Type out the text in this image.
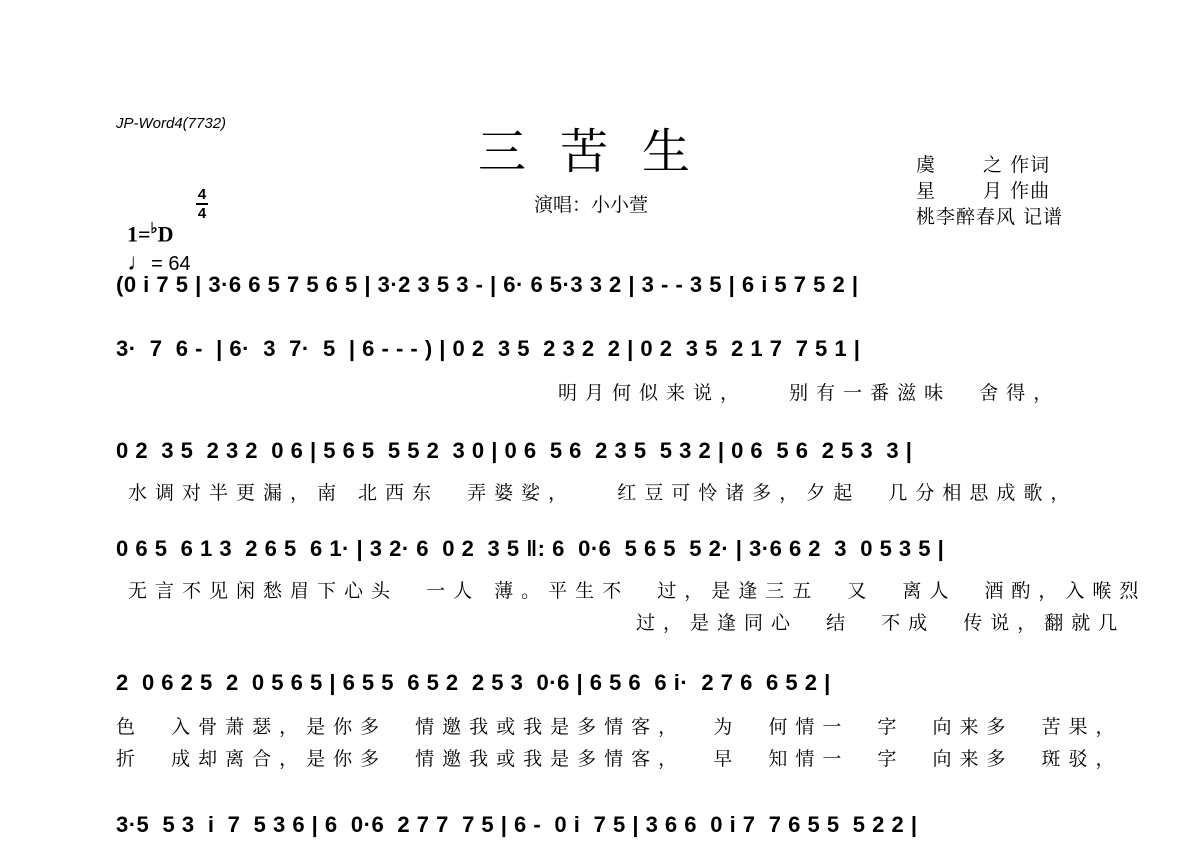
JP-Word4(7732)
三苦生
演唱：小小萱
虞　　 之 作词
星　　 月 作曲
桃李醉春风 记谱

1=♭D

4
4

♩= 64

(0 i 7 5 | 3·6 6 5 7 5 6 5 | 3·2 3 5 3 - | 6· 6 5·3 3 2 | 3 - - 3 5 | 6 i 5 7 5 2 |
3·  7  6 -  | 6·  3  7·  5  | 6 - - - ) | 0 2  3 5  2 3 2  2 | 0 2  3 5  2 1 7  7 5 1 |
明月何似来说，   别有一番滋味  舍得，
0 2  3 5  2 3 2  0 6 | 5 6 5  5 5 2  3 0 | 0 6  5 6  2 3 5  5 3 2 | 0 6  5 6  2 5 3  3 |
水调对半更漏，南 北西东  弄婆娑，   红豆可怜诸多，夕起  几分相思成歌，
0 6 5  6 1 3  2 6 5  6 1· | 3 2· 6  0 2  3 5 ‖: 6  0·6  5 6 5  5 2· | 3·6 6 2  3  0 5 3 5 |
无言不见闲愁眉下心头  一人 薄。平生不  过，是逢三五  又  离人  酒酌，入喉烈
过，是逢同心  结  不成  传说，翻就几
2  0 6 2 5  2  0 5 6 5 | 6 5 5  6 5 2  2 5 3  0·6 | 6 5 6  6 i·  2 7 6  6 5 2 |
色  入骨萧瑟，是你多  情邀我或我是多情客，  为  何情一  字  向来多  苦果，
折  成却离合，是你多  情邀我或我是多情客，  早  知情一  字  向来多  斑驳，
3·5  5 3  i  7  5 3 6 | 6  0·6  2 7 7  7 5 | 6 -  0 i  7 5 | 3 6 6  0 i 7  7 6 5 5  5 2 2 |
